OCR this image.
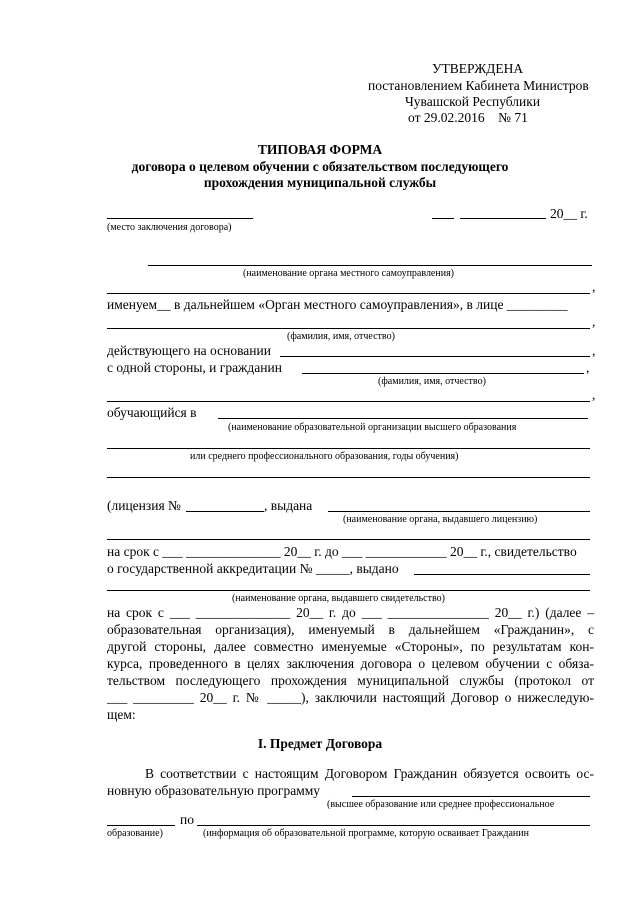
УТВЕРЖДЕНА
постановлением Кабинета Министров
Чувашской Республики
от 29.02.2016    № 71
ТИПОВАЯ ФОРМА
договора о целевом обучении с обязательством последующего
прохождения муниципальной службы
20__ г.
(место заключения договора)
(наименование органа местного самоуправления)
,
именуем__ в дальнейшем «Орган местного самоуправления», в лице _________
,
(фамилия, имя, отчество)
действующего на основании	,
с одной стороны, и гражданин	,
(фамилия, имя, отчество)
,
обучающийся в
(наименование образовательной организации высшего образования
или среднего профессионального образования, годы обучения)
(лицензия №	, выдана
(наименование органа, выдавшего лицензию)
на срок с ___ ______________ 20__ г. до ___ ____________ 20__ г., свидетельство
о государственной аккредитации № _____, выдано
(наименование органа, выдавшего свидетельство)
на срок с ___ ______________ 20__ г. до ___ _______________ 20__ г.) (далее –
образовательная организация), именуемый в дальнейшем «Гражданин», с
другой стороны, далее совместно именуемые «Стороны», по результатам кон-
курса, проведенного в целях заключения договора о целевом обучении с обяза-
тельством последующего прохождения муниципальной службы (протокол от
___ _________ 20__ г. № _____), заключили настоящий Договор о нижеследую-
щем:
I. Предмет Договора
В соответствии с настоящим Договором Гражданин обязуется освоить ос-
новную образовательную программу
(высшее образование или среднее профессиональное
по
образование)	(информация об образовательной программе, которую осваивает Гражданин
